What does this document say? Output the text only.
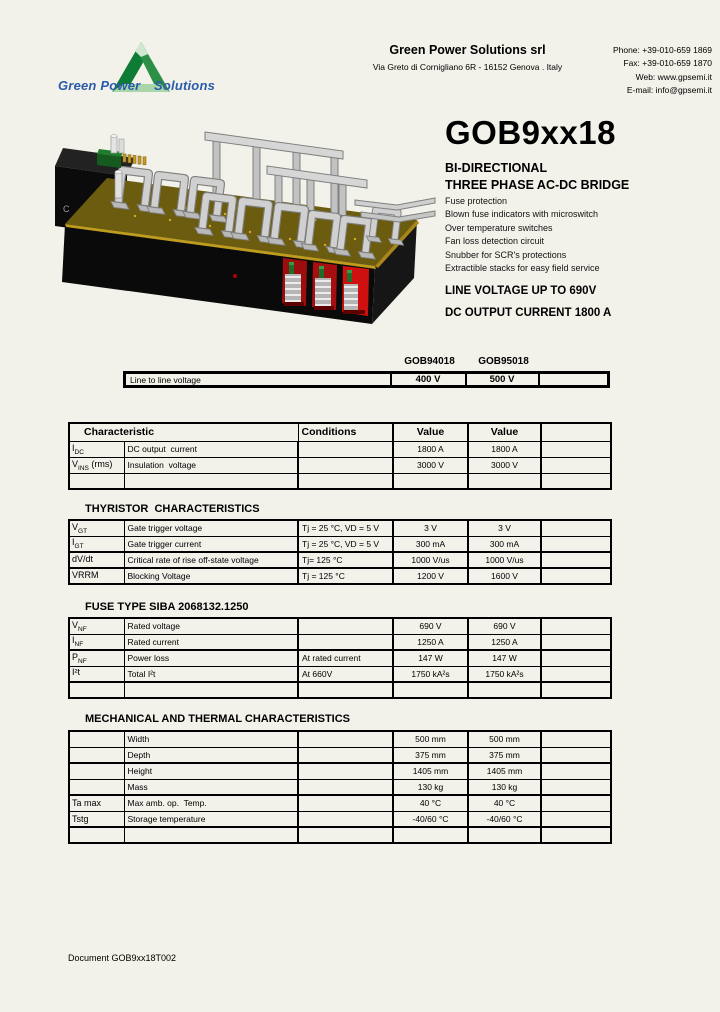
Green Power Solutions
Green Power Solutions srl
Via Greto di Cornigliano 6R - 16152 Genova . Italy
Phone: +39-010-659 1869
Fax: +39-010-659 1870
Web: www.gpsemi.it
E-mail: info@gpsemi.it
C
GOB9xx18
BI-DIRECTIONAL
THREE PHASE AC-DC BRIDGE
Fuse protection
Blown fuse indicators with microswitch
Over temperature switches
Fan loss detection circuit
Snubber for SCR's protections
Extractible stacks for easy field service
LINE VOLTAGE UP TO 690V
DC OUTPUT CURRENT 1800 A
GOB94018	GOB95018
Line to line voltage	400 V	500 V	
Characteristic		Conditions	Value	Value	
$I_{DC}$	DC output  current		1800 A	1800 A	
$V_{INS}$ (rms)	Insulation  voltage		3000 V	3000 V	

THYRISTOR  CHARACTERISTICS
$V_{GT}$	Gate trigger voltage	Tj = 25 °C, VD = 5 V	3 V	3 V	
$I_{GT}$	Gate trigger current	Tj = 25 °C, VD = 5 V	300 mA	300 mA	
dV/dt	Critical rate of rise off-state voltage	Tj= 125 °C	1000 V/us	1000 V/us	
VRRM	Blocking Voltage	Tj = 125 °C	1200 V	1600 V	
FUSE TYPE SIBA 2068132.1250
$V_{NF}$	Rated voltage		690 V	690 V	
$I_{NF}$	Rated current		1250 A	1250 A	
$P_{NF}$	Power loss	At rated current	147 W	147 W	
I²t	Total I²t	At 660V	1750 kA²s	1750 kA²s	

MECHANICAL AND THERMAL CHARACTERISTICS
	Width		500 mm	500 mm	
	Depth		375 mm	375 mm	
	Height		1405 mm	1405 mm	
	Mass		130 kg	130 kg	
Ta max	Max amb. op.  Temp.		40 °C	40 °C	
Tstg	Storage temperature		-40/60 °C	-40/60 °C	

Document GOB9xx18T002
